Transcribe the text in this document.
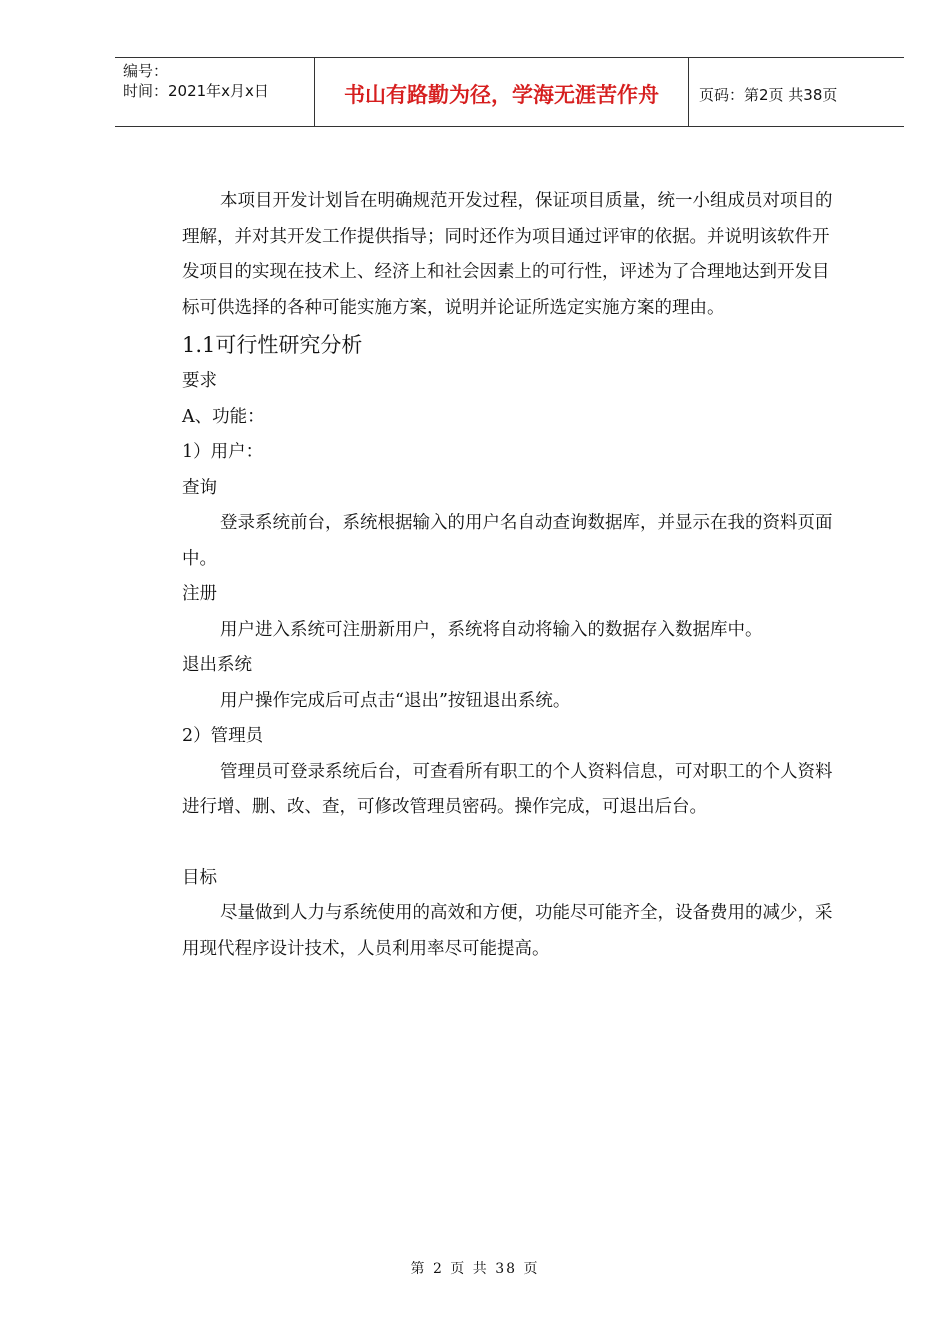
编号：
时间：2021年x月x日	书山有路勤为径，学海无涯苦作舟	页码：第2页 共38页

本项目开发计划旨在明确规范开发过程，保证项目质量，统一小组成员对项目的理解，并对其开发工作提供指导；同时还作为项目通过评审的依据。并说明该软件开发项目的实现在技术上、经济上和社会因素上的可行性，评述为了合理地达到开发目标可供选择的各种可能实施方案，说明并论证所选定实施方案的理由。

1.1可行性研究分析

要求

A、功能：

1）用户：

查询

登录系统前台，系统根据输入的用户名自动查询数据库，并显示在我的资料页面中。

注册

用户进入系统可注册新用户，系统将自动将输入的数据存入数据库中。

退出系统

用户操作完成后可点击“退出”按钮退出系统。

2）管理员

管理员可登录系统后台，可查看所有职工的个人资料信息，可对职工的个人资料进行增、删、改、查，可修改管理员密码。操作完成，可退出后台。

目标

尽量做到人力与系统使用的高效和方便，功能尽可能齐全，设备费用的减少，采用现代程序设计技术，人员利用率尽可能提高。

第 2 页 共 38 页
